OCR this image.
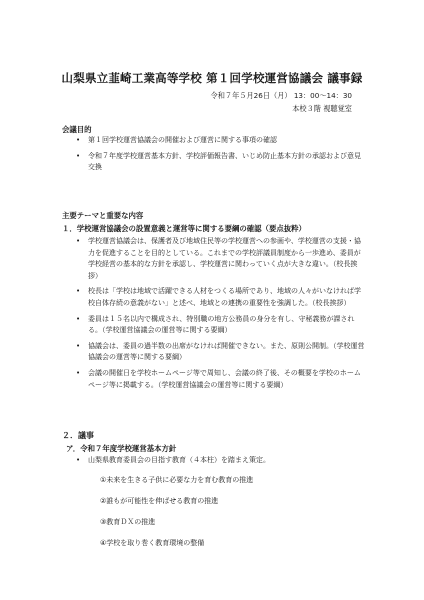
山梨県立韮崎工業高等学校 第１回学校運営協議会 議事録
令和７年５月26日（月） 13：00～14：30
本校３階 視聴覚室
会議目的
• 第１回学校運営協議会の開催および運営に関する事項の確認
• 令和７年度学校運営基本方針、学校評価報告書、いじめ防止基本方針の承認および意見交換
主要テーマと重要な内容
１．学校運営協議会の設置意義と運営等に関する要綱の確認（要点抜粋）
• 学校運営協議会は、保護者及び地域住民等の学校運営への参画や、学校運営の支援・協力を促進することを目的としている。これまでの学校評議員制度から一歩進め、委員が学校経営の基本的な方針を承認し、学校運営に関わっていく点が大きな違い。（校長挨拶）
• 校長は「学校は地域で活躍できる人材をつくる場所であり、地域の人々がいなければ学校自体存続の意義がない」と述べ、地域との連携の重要性を強調した。（校長挨拶）
• 委員は１５名以内で構成され、特別職の地方公務員の身分を有し、守秘義務が課される。（学校運営協議会の運営等に関する要綱）
• 協議会は、委員の過半数の出席がなければ開催できない。また、原則公開制。（学校運営協議会の運営等に関する要綱）
• 会議の開催日を学校ホームページ等で周知し、会議の終了後、その概要を学校のホームページ等に掲載する。（学校運営協議会の運営等に関する要綱）
２．議事
ア．令和７年度学校運営基本方針
• 山梨県教育委員会の目指す教育（４本柱）を踏まえ策定。
①未来を生きる子供に必要な力を育む教育の推進
②誰もが可能性を伸ばせる教育の推進
③教育ＤＸの推進
④学校を取り巻く教育環境の整備
